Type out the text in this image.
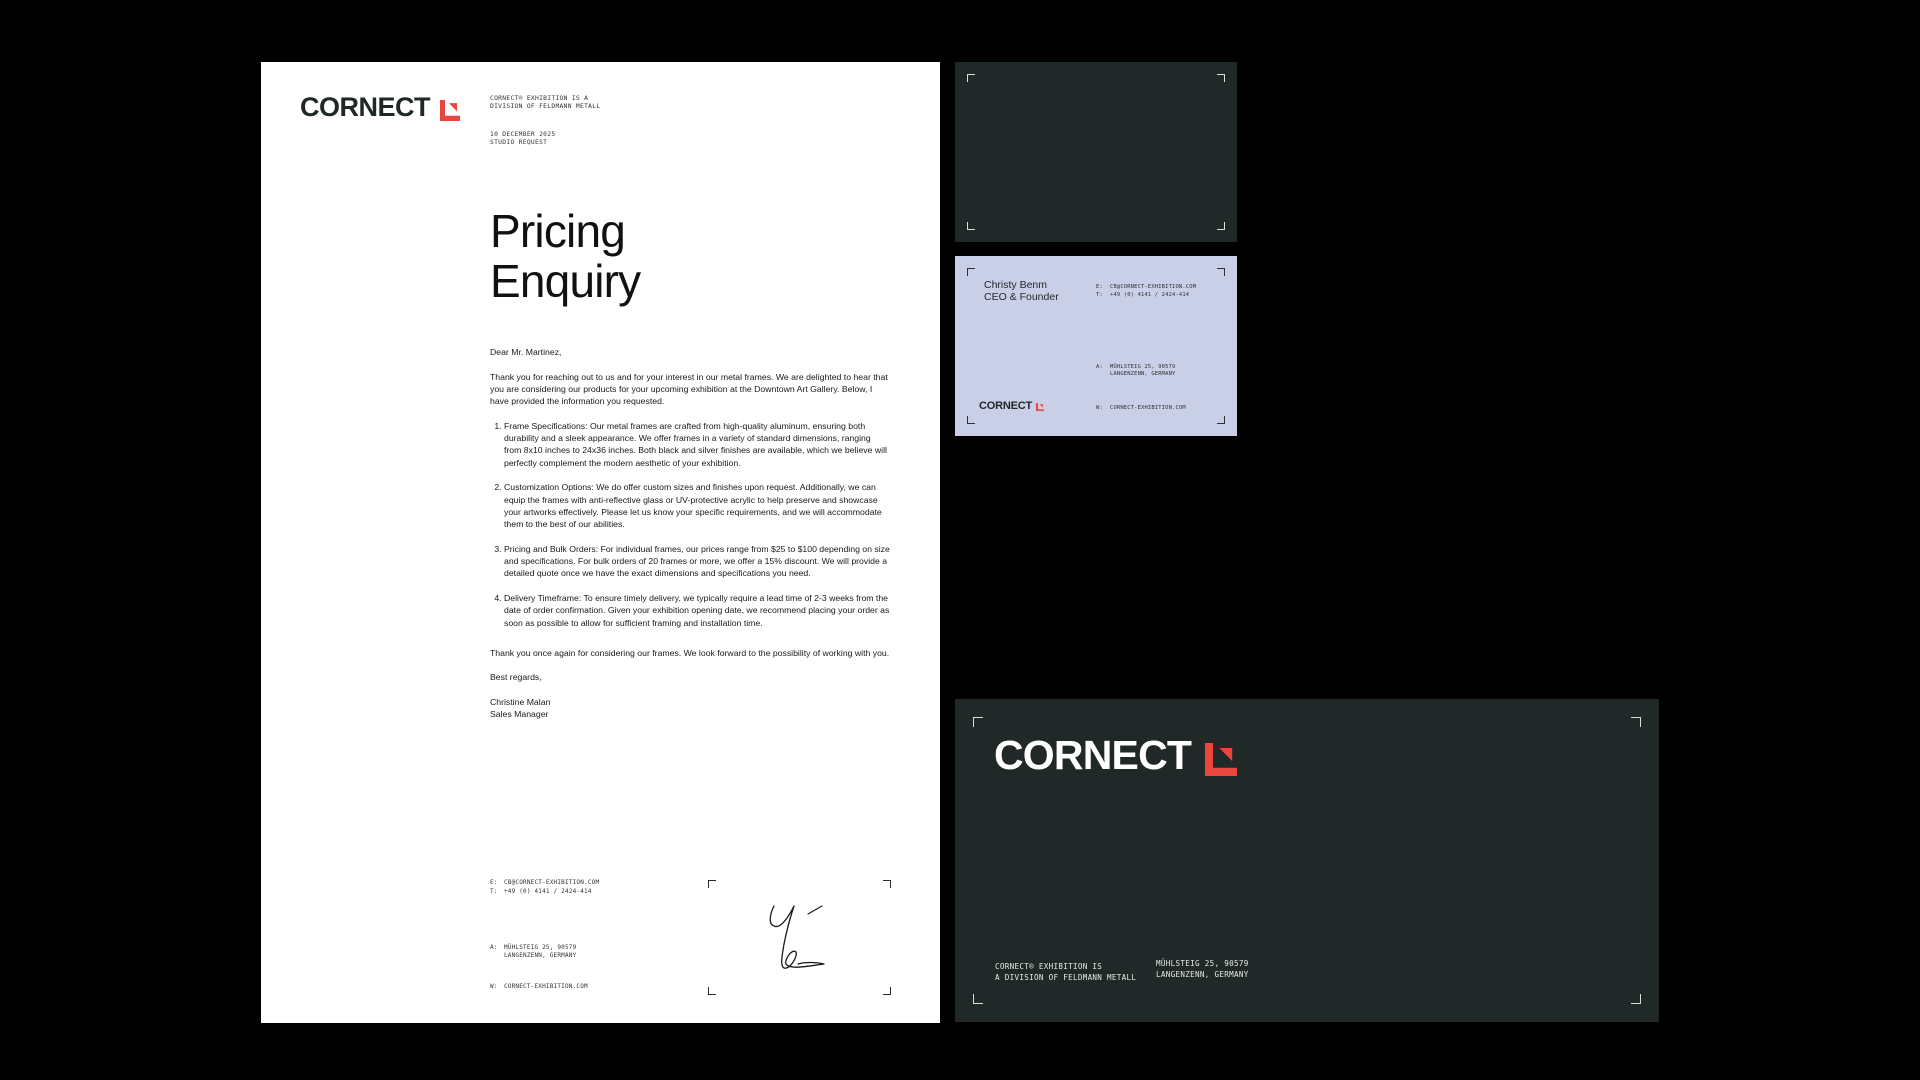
CORNECT	CORNECT® EXHIBITION IS A
DIVISION OF FELDMANN METALL
10 DECEMBER 2025
STUDIO REQUEST
Pricing
Enquiry

Dear Mr. Martinez,

Thank you for reaching out to us and for your interest in our metal frames. We are delighted to hear that you are considering our products for your upcoming exhibition at the Downtown Art Gallery. Below, I have provided the information you requested.

1. Frame Specifications: Our metal frames are crafted from high-quality aluminum, ensuring both durability and a sleek appearance. We offer frames in a variety of standard dimensions, ranging from 8x10 inches to 24x36 inches. Both black and silver finishes are available, which we believe will perfectly complement the modern aesthetic of your exhibition.
2. Customization Options: We do offer custom sizes and finishes upon request. Additionally, we can equip the frames with anti-reflective glass or UV-protective acrylic to help preserve and showcase your artworks effectively. Please let us know your specific requirements, and we will accommodate them to the best of our abilities.
3. Pricing and Bulk Orders: For individual frames, our prices range from $25 to $100 depending on size and specifications. For bulk orders of 20 frames or more, we offer a 15% discount. We will provide a detailed quote once we have the exact dimensions and specifications you need.
4. Delivery Timeframe: To ensure timely delivery, we typically require a lead time of 2-3 weeks from the date of order confirmation. Given your exhibition opening date, we recommend placing your order as soon as possible to allow for sufficient framing and installation time.

Thank you once again for considering our frames. We look forward to the possibility of working with you.

Best regards,

Christine Malan

Sales Manager

E:	CB@CORNECT-EXHIBITION.COM
T:	+49 (0) 4141 / 2424-414
A:	MÜHLSTEIG 25, 90579
LANGENZENN, GERMANY
W:	CORNECT-EXHIBITION.COM
Christy Benm
CEO & Founder
E:	CB@CORNECT-EXHIBITION.COM
T:	+49 (0) 4141 / 2424-414
A:	MÜHLSTEIG 25, 90579
LANGENZENN, GERMANY
W:	CORNECT-EXHIBITION.COM
CORNECT
CORNECT
CORNECT® EXHIBITION IS
A DIVISION OF FELDMANN METALL
MÜHLSTEIG 25, 90579
LANGENZENN, GERMANY
